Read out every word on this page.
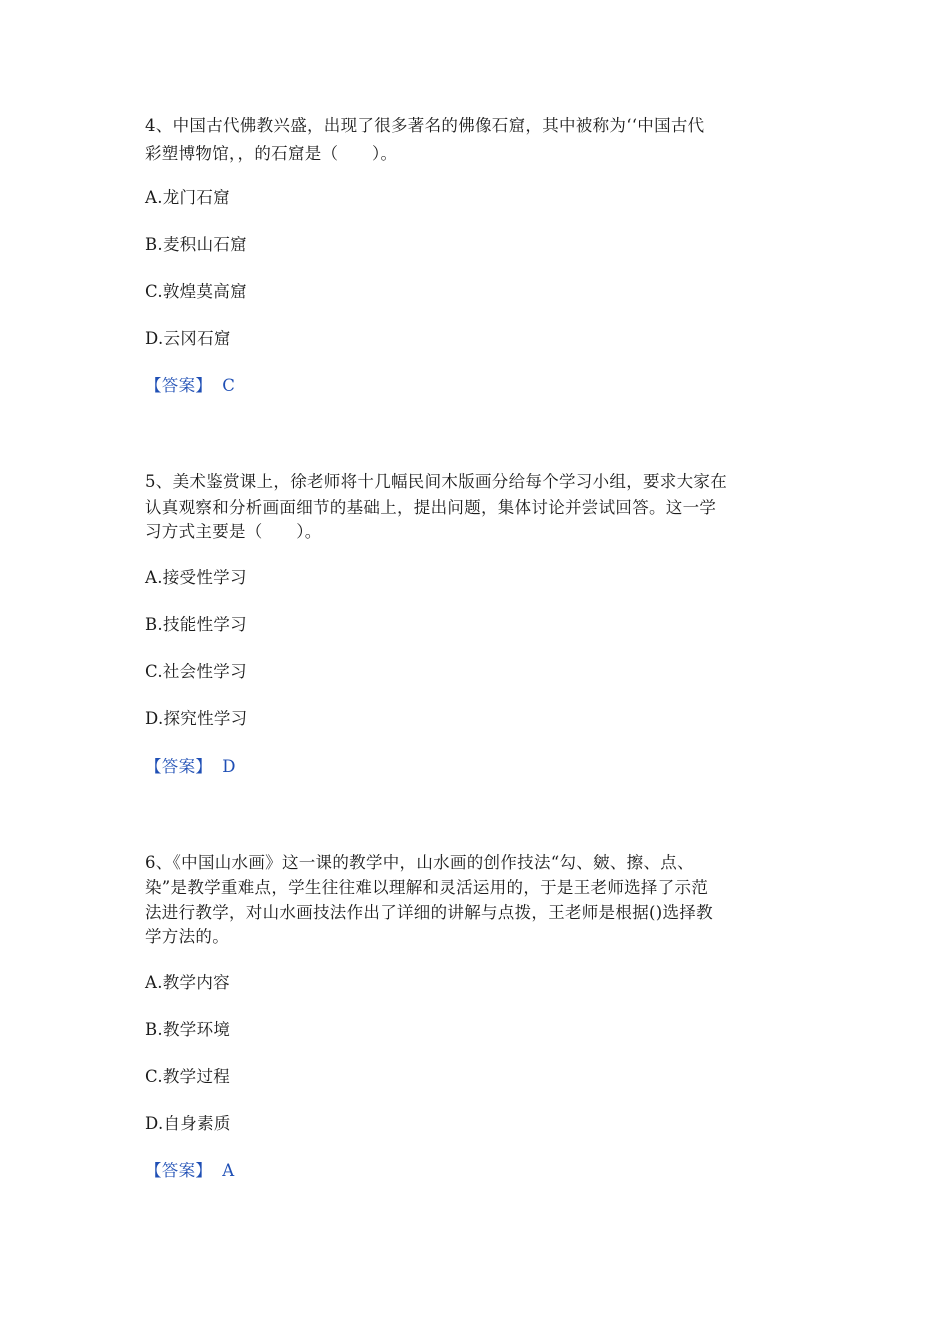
4、中国古代佛教兴盛，出现了很多著名的佛像石窟，其中被称为‘‘中国古代
彩塑博物馆，，的石窟是（　　）。
A.龙门石窟
B.麦积山石窟
C.敦煌莫高窟
D.云冈石窟
【答案】 C
5、美术鉴赏课上，徐老师将十几幅民间木版画分给每个学习小组，要求大家在
认真观察和分析画面细节的基础上，提出问题，集体讨论并尝试回答。这一学
习方式主要是（　　）。
A.接受性学习
B.技能性学习
C.社会性学习
D.探究性学习
【答案】 D
6、《中国山水画》这一课的教学中，山水画的创作技法“勾、皴、擦、点、
染”是教学重难点，学生往往难以理解和灵活运用的，于是王老师选择了示范
法进行教学，对山水画技法作出了详细的讲解与点拨，王老师是根据()选择教
学方法的。
A.教学内容
B.教学环境
C.教学过程
D.自身素质
【答案】 A
